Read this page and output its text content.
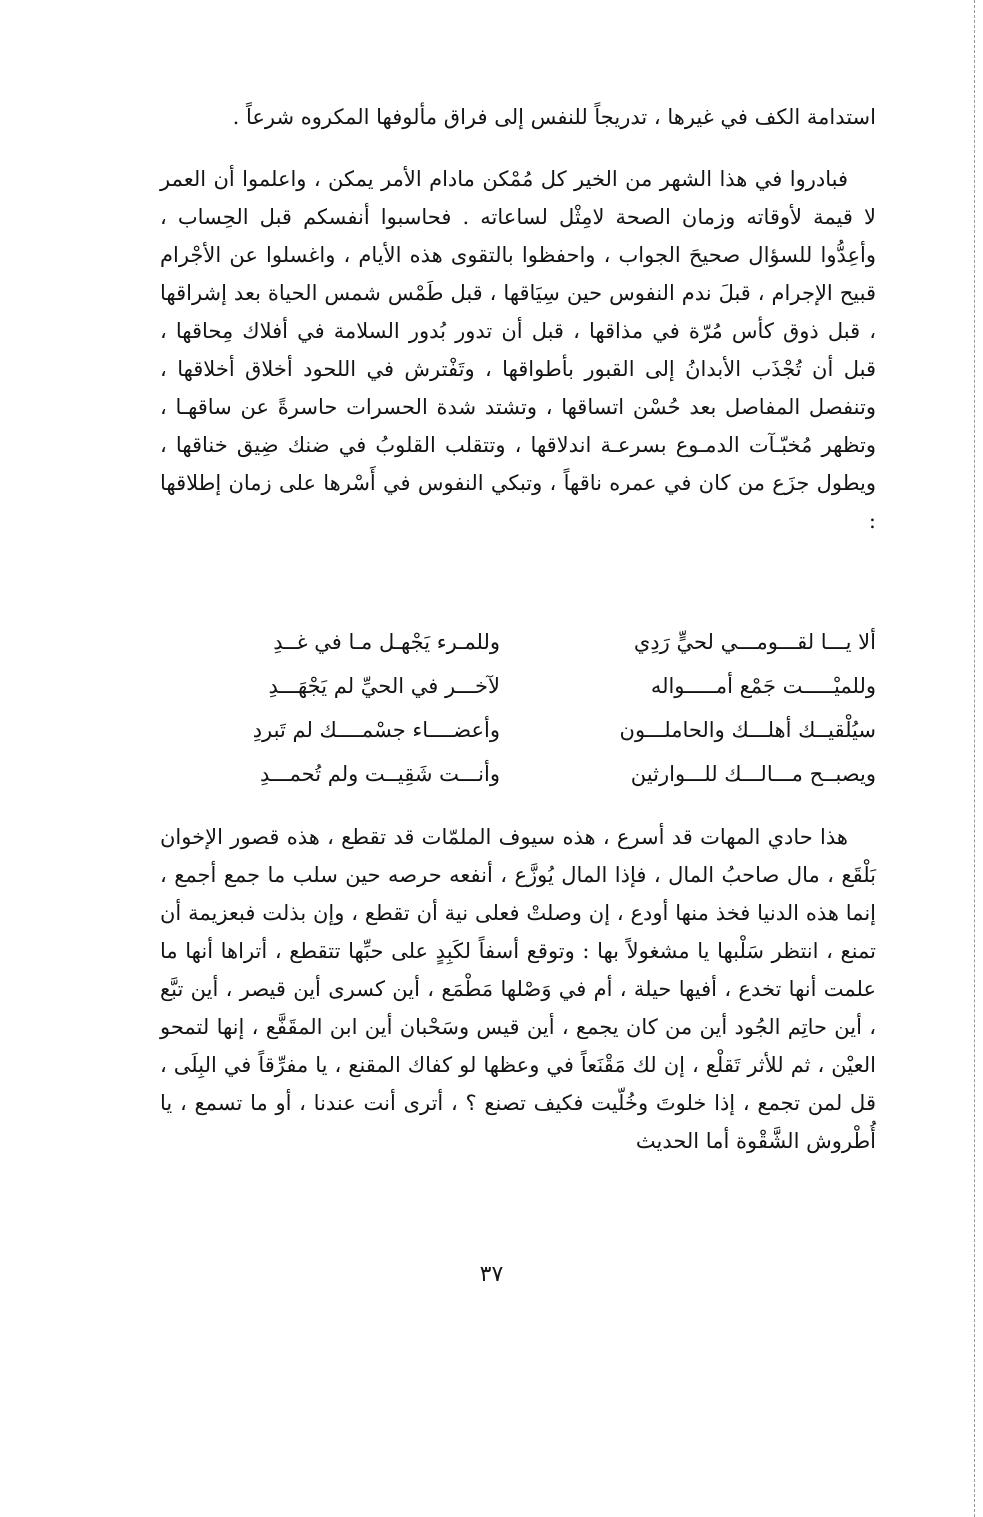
استدامة الكف في غيرها ، تدريجاً للنفس إلى فراق مألوفها المكروه شرعاً .

فبادروا في هذا الشهر من الخير كل مُمْكن مادام الأمر يمكن ، واعلموا أن العمر لا قيمة لأوقاته وزمان الصحة لامِثْل لساعاته . فحاسبوا أنفسكم قبل الحِساب ، وأعِدُّوا للسؤال صحيحَ الجواب ، واحفظوا بالتقوى هذه الأيام ، واغسلوا عن الأجْرام قبيح الإجرام ، قبلَ ندم النفوس حين سِيَاقها ، قبل طَمْس شمس الحياة بعد إشراقها ، قبل ذوق كأس مُرّة في مذاقها ، قبل أن تدور بُدور السلامة في أفلاك مِحاقها ، قبل أن تُجْذَب الأبدانُ إلى القبور بأطواقها ، وتَفْترش في اللحود أخلاق أخلاقها ، وتنفصل المفاصل بعد حُسْن اتساقها ، وتشتد شدة الحسرات حاسرةً عن ساقهـا ، وتظهر مُخبّـآت الدمـوع بسرعـة اندلاقها ، وتتقلب القلوبُ في ضنك ضِيق خناقها ، ويطول جزَع من كان في عمره ناقهاً ، وتبكي النفوس في أَسْرها على زمان إطلاقها :

ألا يـــا لقـــومـــي لحيٍّ رَدِي
وللمـرء يَجْهـل مـا في غــدِ
وللميْـــــت جَمْع أمـــــواله
لآخـــر في الحيِّ لم يَجْهَـــدِ
سيُلْقيــك أهلـــك والحاملـــون
وأعضــــاء جسْمــــك لم تَبردِ
ويصبــح مـــالـــك للـــوارثين
وأنـــت شَقِيــت ولم تُحمـــدِ

هذا حادي المهات قد أسرع ، هذه سيوف الملمّات قد تقطع ، هذه قصور الإخوان بَلْقَع ، مال صاحبُ المال ، فإذا المال يُوزَّع ، أنفعه حرصه حين سلب ما جمع أجمع ، إنما هذه الدنيا فخذ منها أودع ، إن وصلتْ فعلى نية أن تقطع ، وإن بذلت فبعزيمة أن تمنع ، انتظر سَلْبها يا مشغولاً بها : وتوقع أسفاً لكَبِدٍ على حبِّها تتقطع ، أتراها أنها ما علمت أنها تخدع ، أفيها حيلة ، أم في وَصْلها مَطْمَع ، أين كسرى أين قيصر ، أين تبَّع ، أين حاتِم الجُود أين من كان يجمع ، أين قيس وسَحْبان أين ابن المقَفَّع ، إنها لتمحو العيْن ، ثم للأثر تَقلْع ، إن لك مَقْنَعاً في وعظها لو كفاك المقنع ، يا مفرِّقاً في البِلَى ، قل لمن تجمع ، إذا خلوتَ وخُلّيت فكيف تصنع ؟ ، أترى أنت عندنا ، أو ما تسمع ، يا أُطْروش الشَّقْوة أما الحديث

٣٧
